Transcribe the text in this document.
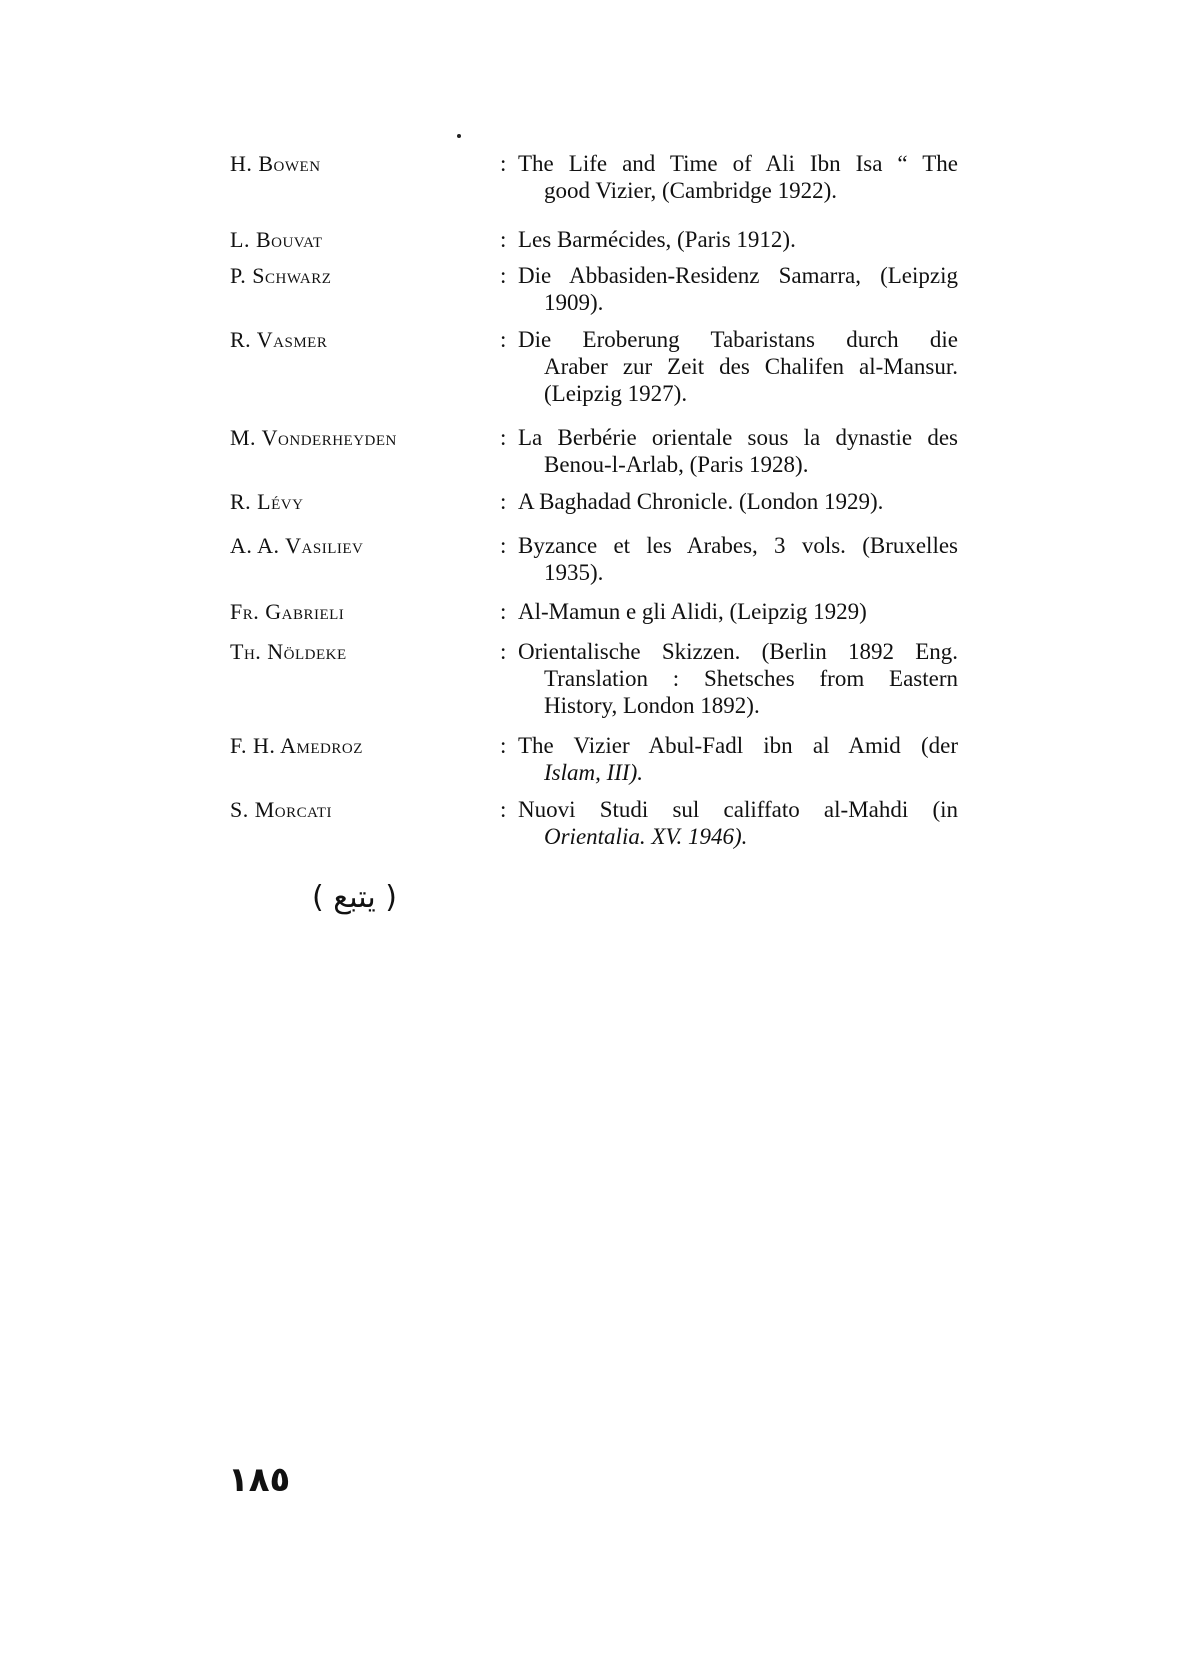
H. Bowen	: The Life and Time of Ali Ibn Isa “ The
good Vizier, (Cambridge 1922).
L. Bouvat	: Les Barmécides, (Paris 1912).
P. Schwarz	: Die Abbasiden-Residenz Samarra, (Leipzig
1909).
R. Vasmer	: Die Eroberung Tabaristans durch die
Araber zur Zeit des Chalifen al-Mansur.
(Leipzig 1927).
M. Vonderheyden	: La Berbérie orientale sous la dynastie des
Benou-l-Arlab, (Paris 1928).
R. Lévy	: A Baghadad Chronicle. (London 1929).
A. A. Vasiliev	: Byzance et les Arabes, 3 vols. (Bruxelles
1935).
Fr. Gabrieli	: Al-Mamun e gli Alidi, (Leipzig 1929)
Th. Nöldeke	: Orientalische Skizzen. (Berlin 1892 Eng.
Translation : Shetsches from Eastern
History, London 1892).
F. H. Amedroz	: The Vizier Abul-Fadl ibn al Amid (der
Islam, III).
S. Morcati	: Nuovi Studi sul califfato al-Mahdi (in
Orientalia. XV. 1946).
( يتبع )
١٨٥
